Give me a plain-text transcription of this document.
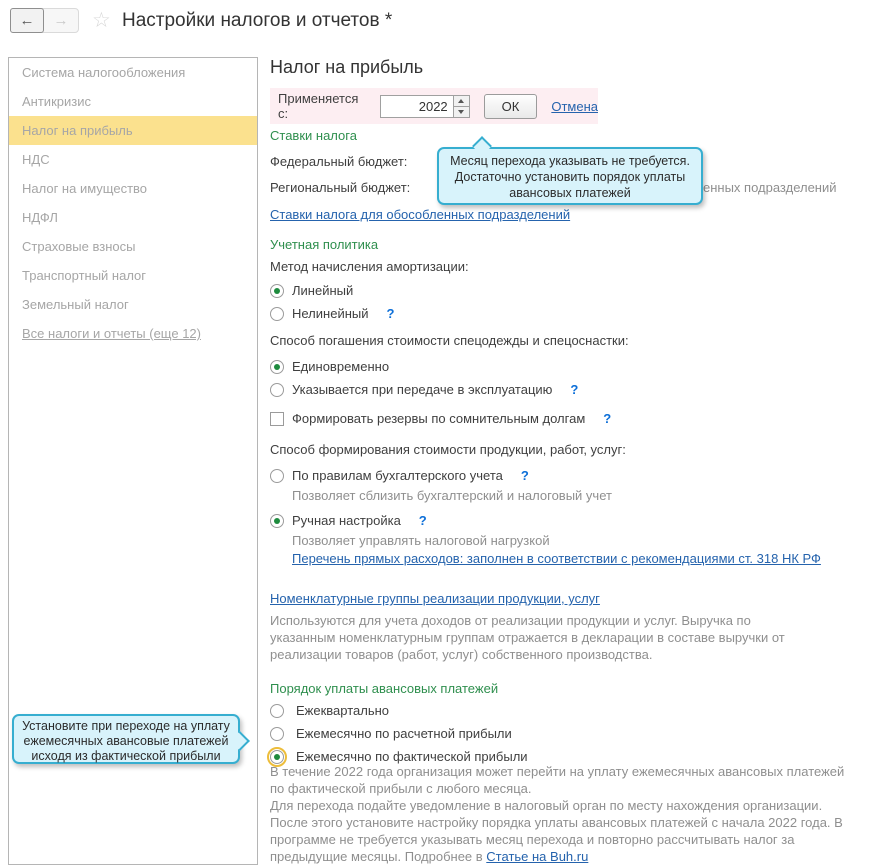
← → ☆ Настройки налогов и отчетов *
Система налогообложения
Антикризис
Налог на прибыль
НДС
Налог на имущество
НДФЛ
Страховые взносы
Транспортный налог
Земельный налог
Все налоги и отчеты (еще 12)
Налог на прибыль
Применяется с:
2022	ОК	Отмена
Ставки налога
Федеральный бюджет:
Региональный бюджет:	енных подразделений
Ставки налога для обособленных подразделений
Учетная политика
Метод начисления амортизации:
Линейный
Нелинейный ?
Способ погашения стоимости спецодежды и спецоснастки:
Единовременно
Указывается при передаче в эксплуатацию ?
Формировать резервы по сомнительным долгам ?
Способ формирования стоимости продукции, работ, услуг:
По правилам бухгалтерского учета ?
Позволяет сблизить бухгалтерский и налоговый учет
Ручная настройка ?
Позволяет управлять налоговой нагрузкой
Перечень прямых расходов: заполнен в соответствии с рекомендациями ст. 318 НК РФ
Номенклатурные группы реализации продукции, услуг
Используются для учета доходов от реализации продукции и услуг. Выручка по
указанным номенклатурным группам отражается в декларации в составе выручки от
реализации товаров (работ, услуг) собственного производства.
Порядок уплаты авансовых платежей
Ежеквартально
Ежемесячно по расчетной прибыли
Ежемесячно по фактической прибыли
В течение 2022 года организация может перейти на уплату ежемесячных авансовых платежей
по фактической прибыли с любого месяца.
Для перехода подайте уведомление в налоговый орган по месту нахождения организации.
После этого установите настройку порядка уплаты авансовых платежей с начала 2022 года. В
программе не требуется указывать месяц перехода и повторно рассчитывать налог за
предыдущие месяцы. Подробнее в Статье на Buh.ru
Месяц перехода указывать не требуется.
Достаточно установить порядок уплаты
авансовых платежей
Установите при переходе на уплату
ежемесячных авансовые платежей
исходя из фактической прибыли
